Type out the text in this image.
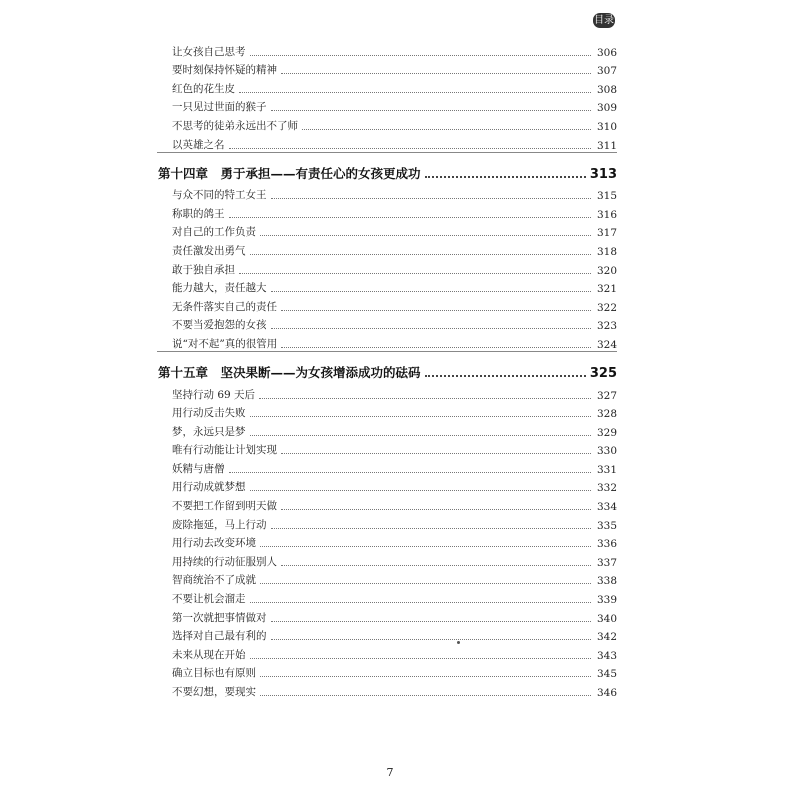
目录
让女孩自己思考	306
要时刻保持怀疑的精神	307
红色的花生皮	308
一只见过世面的猴子	309
不思考的徒弟永远出不了师	310
以英雄之名	311
第十四章　勇于承担——有责任心的女孩更成功	313
与众不同的特工女王	315
称职的鸽王	316
对自己的工作负责	317
责任激发出勇气	318
敢于独自承担	320
能力越大，责任越大	321
无条件落实自己的责任	322
不要当爱抱怨的女孩	323
说“对不起”真的很管用	324
第十五章　坚决果断——为女孩增添成功的砝码	325
坚持行动 69 天后	327
用行动反击失败	328
梦，永远只是梦	329
唯有行动能让计划实现	330
妖精与唐僧	331
用行动成就梦想	332
不要把工作留到明天做	334
废除拖延，马上行动	335
用行动去改变环境	336
用持续的行动征服别人	337
智商统治不了成就	338
不要让机会溜走	339
第一次就把事情做对	340
选择对自己最有利的	342
未来从现在开始	343
确立目标也有原则	345
不要幻想，要现实	346
7
